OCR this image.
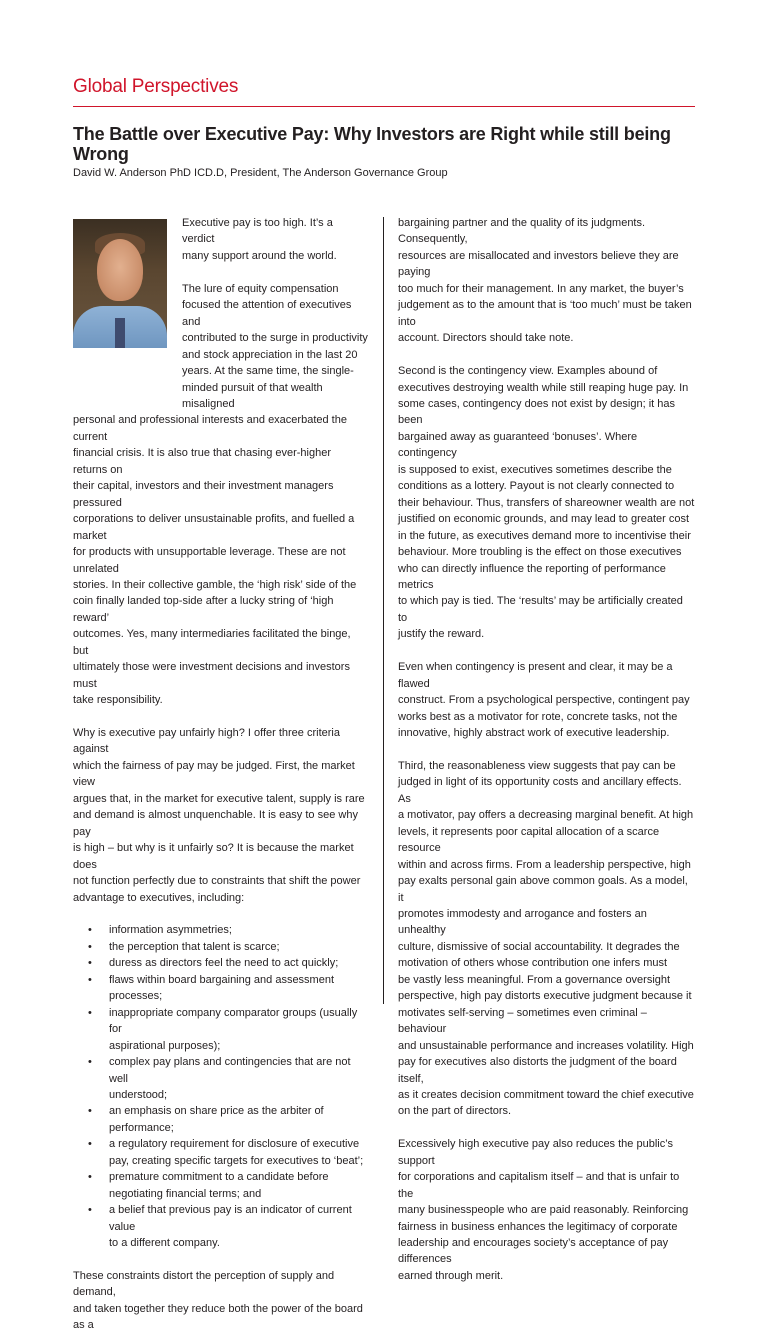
Global Perspectives
The Battle over Executive Pay: Why Investors are Right while still being Wrong
David W. Anderson PhD ICD.D, President, The Anderson Governance Group

Executive pay is too high. It’s a verdict

many support around the world.

The lure of equity compensation

focused the attention of executives and

contributed to the surge in productivity

and stock appreciation in the last 20

years. At the same time, the single-

minded pursuit of that wealth misaligned

personal and professional interests and exacerbated the current

financial crisis. It is also true that chasing ever-higher returns on

their capital, investors and their investment managers pressured

corporations to deliver unsustainable profits, and fuelled a market

for products with unsupportable leverage. These are not unrelated

stories. In their collective gamble, the ‘high risk’ side of the

coin finally landed top-side after a lucky string of ‘high reward’

outcomes. Yes, many intermediaries facilitated the binge, but

ultimately those were investment decisions and investors must

take responsibility.

Why is executive pay unfairly high? I offer three criteria against

which the fairness of pay may be judged. First, the market view

argues that, in the market for executive talent, supply is rare

and demand is almost unquenchable. It is easy to see why pay

is high – but why is it unfairly so? It is because the market does

not function perfectly due to constraints that shift the power

advantage to executives, including:

• information asymmetries;

• the perception that talent is scarce;

• duress as directors feel the need to act quickly;

• flaws within board bargaining and assessment

processes;

• inappropriate company comparator groups (usually for

aspirational purposes);

• complex pay plans and contingencies that are not well

understood;

• an emphasis on share price as the arbiter of

performance;

• a regulatory requirement for disclosure of executive

pay, creating specific targets for executives to ‘beat’;

• premature commitment to a candidate before

negotiating financial terms; and

• a belief that previous pay is an indicator of current value

to a different company.

These constraints distort the perception of supply and demand,

and taken together they reduce both the power of the board as a

bargaining partner and the quality of its judgments. Consequently,

resources are misallocated and investors believe they are paying

too much for their management. In any market, the buyer’s

judgement as to the amount that is ‘too much’ must be taken into

account. Directors should take note.

Second is the contingency view. Examples abound of

executives destroying wealth while still reaping huge pay. In

some cases, contingency does not exist by design; it has been

bargained away as guaranteed ‘bonuses’. Where contingency

is supposed to exist, executives sometimes describe the

conditions as a lottery. Payout is not clearly connected to

their behaviour. Thus, transfers of shareowner wealth are not

justified on economic grounds, and may lead to greater cost

in the future, as executives demand more to incentivise their

behaviour. More troubling is the effect on those executives

who can directly influence the reporting of performance metrics

to which pay is tied. The ‘results’ may be artificially created to

justify the reward.

Even when contingency is present and clear, it may be a flawed

construct. From a psychological perspective, contingent pay

works best as a motivator for rote, concrete tasks, not the

innovative, highly abstract work of executive leadership.

Third, the reasonableness view suggests that pay can be

judged in light of its opportunity costs and ancillary effects. As

a motivator, pay offers a decreasing marginal benefit. At high

levels, it represents poor capital allocation of a scarce resource

within and across firms. From a leadership perspective, high

pay exalts personal gain above common goals. As a model, it

promotes immodesty and arrogance and fosters an unhealthy

culture, dismissive of social accountability. It degrades the

motivation of others whose contribution one infers must

be vastly less meaningful. From a governance oversight

perspective, high pay distorts executive judgment because it

motivates self-serving – sometimes even criminal – behaviour

and unsustainable performance and increases volatility. High

pay for executives also distorts the judgment of the board itself,

as it creates decision commitment toward the chief executive

on the part of directors.

Excessively high executive pay also reduces the public’s support

for corporations and capitalism itself – and that is unfair to the

many businesspeople who are paid reasonably. Reinforcing

fairness in business enhances the legitimacy of corporate

leadership and encourages society’s acceptance of pay differences

earned through merit.
